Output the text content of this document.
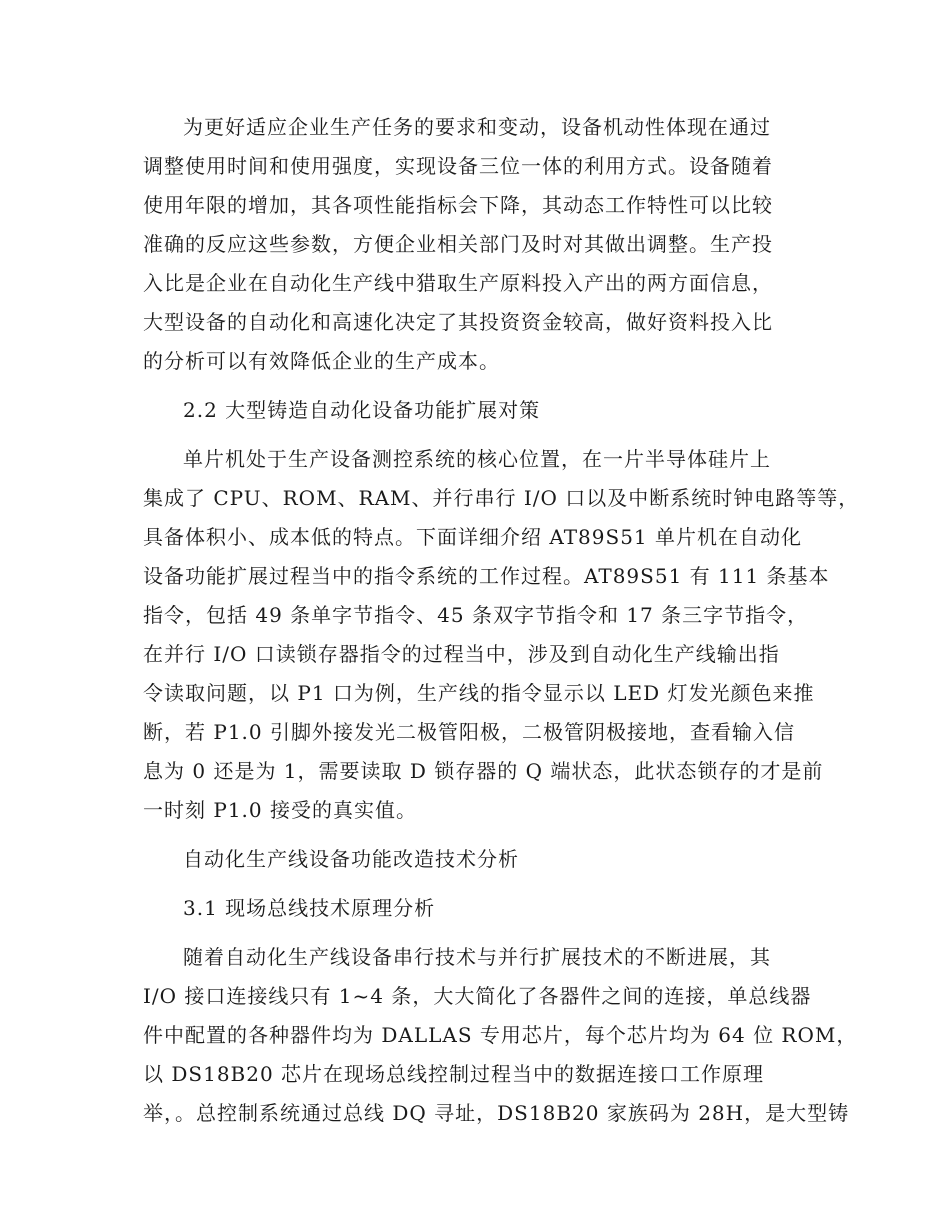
为更好适应企业生产任务的要求和变动，设备机动性体现在通过
调整使用时间和使用强度，实现设备三位一体的利用方式。设备随着
使用年限的增加，其各项性能指标会下降，其动态工作特性可以比较
准确的反应这些参数，方便企业相关部门及时对其做出调整。生产投
入比是企业在自动化生产线中猎取生产原料投入产出的两方面信息，
大型设备的自动化和高速化决定了其投资资金较高，做好资料投入比
的分析可以有效降低企业的生产成本。

2.2 大型铸造自动化设备功能扩展对策

单片机处于生产设备测控系统的核心位置，在一片半导体硅片上
集成了 CPU、ROM、RAM、并行串行 I/O 口以及中断系统时钟电路等等，
具备体积小、成本低的特点。下面详细介绍 AT89S51 单片机在自动化
设备功能扩展过程当中的指令系统的工作过程。AT89S51 有 111 条基本
指令，包括 49 条单字节指令、45 条双字节指令和 17 条三字节指令，
在并行 I/O 口读锁存器指令的过程当中，涉及到自动化生产线输出指
令读取问题，以 P1 口为例，生产线的指令显示以 LED 灯发光颜色来推
断，若 P1.0 引脚外接发光二极管阳极，二极管阴极接地，查看输入信
息为 0 还是为 1，需要读取 D 锁存器的 Q 端状态，此状态锁存的才是前
一时刻 P1.0 接受的真实值。

自动化生产线设备功能改造技术分析

3.1 现场总线技术原理分析

随着自动化生产线设备串行技术与并行扩展技术的不断进展，其
I/O 接口连接线只有 1~4 条，大大简化了各器件之间的连接，单总线器
件中配置的各种器件均为 DALLAS 专用芯片，每个芯片均为 64 位 ROM，
以 DS18B20 芯片在现场总线控制过程当中的数据连接口工作原理
举，。总控制系统通过总线 DQ 寻址，DS18B20 家族码为 28H，是大型铸
